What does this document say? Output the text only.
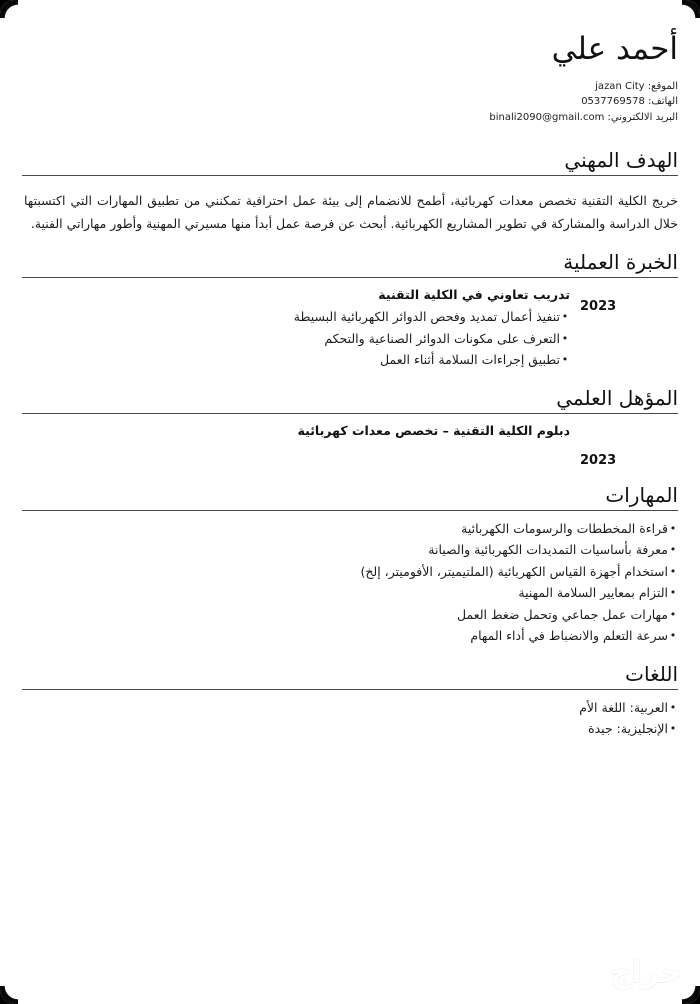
أحمد علي
الموقع: jazan City
الهاتف: 0537769578
البريد الالكتروني: binali2090@gmail.com
الهدف المهني

خريج الكلية التقنية تخصص معدات كهربائية، أطمح للانضمام إلى بيئة عمل احترافية تمكنني من تطبيق المهارات التي اكتسبتها خلال الدراسة والمشاركة في تطوير المشاريع الكهربائية. أبحث عن فرصة عمل أبدأ منها مسيرتي المهنية وأطور مهاراتي الفنية.

الخبرة العملية
تدريب تعاوني في الكلية التقنية
•تنفيذ أعمال تمديد وفحص الدوائر الكهربائية البسيطة
•التعرف على مكونات الدوائر الصناعية والتحكم
•تطبيق إجراءات السلامة أثناء العمل
2023
المؤهل العلمي
دبلوم الكلية التقنية – تخصص معدات كهربائية
2023
المهارات
•قراءة المخططات والرسومات الكهربائية
•معرفة بأساسيات التمديدات الكهربائية والصيانة
•استخدام أجهزة القياس الكهربائية (الملتيميتر، الأفوميتر، إلخ)
•التزام بمعايير السلامة المهنية
•مهارات عمل جماعي وتحمل ضغط العمل
•سرعة التعلم والانضباط في أداء المهام
اللغات
•العربية: اللغة الأم
•الإنجليزية: جيدة
حراج
